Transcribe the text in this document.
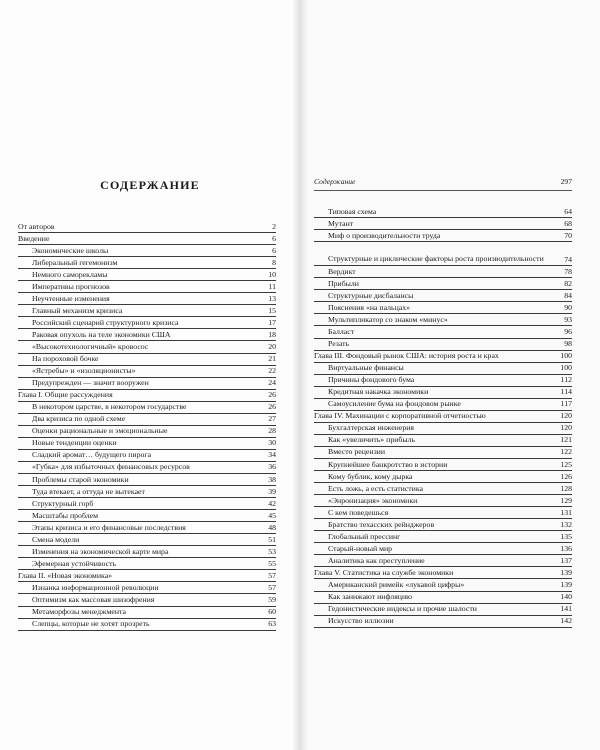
СОДЕРЖАНИЕ	Содержание	297
От авторов	2
Введение	6
Экономические школы	6
Либеральный гегемонизм	8
Немного саморекламы	10
Императивы прогнозов	11
Неучтенные изменения	13
Главный механизм кризиса	15
Российский сценарий структурного кризиса	17
Раковая опухоль на теле экономики США	18
«Высокотехнологичный» кровосос	20
На пороховой бочке	21
«Ястребы» и «изоляционисты»	22
Предупрежден — значит вооружен	24
Глава I. Общие рассуждения	26
В некотором царстве, в некотором государстве	26
Два кризиса по одной схеме	27
Оценки рациональные и эмоциональные	28
Новые тенденции оценки	30
Сладкий аромат… будущего пирога	34
«Губка» для избыточных финансовых ресурсов	36
Проблемы старой экономики	38
Туда втекает, а оттуда не вытекает	39
Структурный горб	42
Масштабы проблем	45
Этапы кризиса и его финансовые последствия	48
Смена модели	51
Изменения на экономической карте мира	53
Эфемерная устойчивость	55
Глава II. «Новая экономика»	57
Изнанка информационной революции	57
Оптимизм как массовая шизофрения	59
Метаморфозы менеджмента	60
Слепцы, которые не хотят прозреть	63
Типовая схема	64
Мутант	68
Миф о производительности труда	70
Структурные и циклические факторы роста производительности	74
Вердикт	78
Прибыли	82
Структурные дисбалансы	84
Пояснения «на пальцах»	90
Мультипликатор со знаком «минус»	93
Балласт	96
Резать	98
Глава III. Фондовый рынок США: история роста и крах	100
Виртуальные финансы	100
Причины фондового бума	112
Кредитная накачка экономики	114
Самоусиление бума на фондовом рынке	117
Глава IV. Махинации с корпоративной отчетностью	120
Бухгалтерская инженерия	120
Как «увеличить» прибыль	121
Вместо рецензии	122
Крупнейшее банкротство в истории	125
Кому бублик, кому дырка	126
Есть ложь, а есть статистика	128
«Энронизация» экономики	129
С кем поведешься	131
Братство техасских рейнджеров	132
Глобальный прессинг	135
Старый-новый мир	136
Аналитика как преступление	137
Глава V. Статистика на службе экономики	139
Американский римейк «лукавой цифры»	139
Как занижают инфляцию	140
Гедонистические индексы и прочие шалости	141
Искусство иллюзии	142
